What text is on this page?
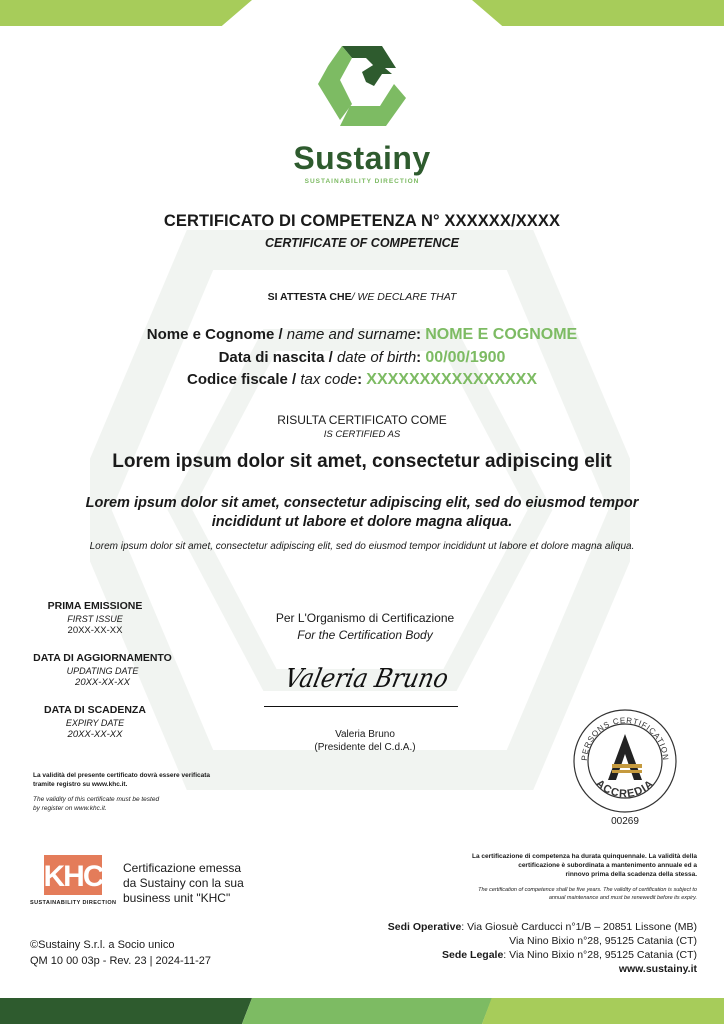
Sustainy
SUSTAINABILITY DIRECTION
CERTIFICATO DI COMPETENZA N° XXXXXX/XXXX
CERTIFICATE OF COMPETENCE
SI ATTESTA CHE/ WE DECLARE THAT
Nome e Cognome / name and surname: NOME E COGNOME
Data di nascita / date of birth: 00/00/1900
Codice fiscale / tax code: XXXXXXXXXXXXXXXX
RISULTA CERTIFICATO COME
IS CERTIFIED AS
Lorem ipsum dolor sit amet, consectetur adipiscing elit
Lorem ipsum dolor sit amet, consectetur adipiscing elit, sed do eiusmod tempor
incididunt ut labore et dolore magna aliqua.
Lorem ipsum dolor sit amet, consectetur adipiscing elit, sed do eiusmod tempor incididunt ut labore et dolore magna aliqua.
PRIMA EMISSIONE
FIRST ISSUE
20XX-XX-XX
DATA DI AGGIORNAMENTO
UPDATING DATE
20XX-XX-XX
DATA DI SCADENZA
EXPIRY DATE
20XX-XX-XX
La validità del presente certificato dovrà essere verificata
tramite registro su www.khc.it.
The validity of this certificate must be tested
by register on www.khc.it.
Per L'Organismo di Certificazione
For the Certification Body
Valeria Bruno
Valeria Bruno
(Presidente del C.d.A.)
PERSONS CERTIFICATION
ACCREDIA
00269
KHC
SUSTAINABILITY DIRECTION
Certificazione emessa
da Sustainy con la sua
business unit "KHC"
La certificazione di competenza ha durata quinquennale. La validità della
certificazione è subordinata a mantenimento annuale ed a
rinnovo prima della scadenza della stessa.
The certification of competence shall be five years. The validity of certification is subject to
annual maintenance and must be renewedit before its expiry.
Sedi Operative: Via Giosuè Carducci n°1/B – 20851 Lissone (MB)
Via Nino Bixio n°28, 95125 Catania (CT)
Sede Legale: Via Nino Bixio n°28, 95125 Catania (CT)
www.sustainy.it
©Sustainy S.r.l. a Socio unico
QM 10 00 03p - Rev. 23 | 2024-11-27
